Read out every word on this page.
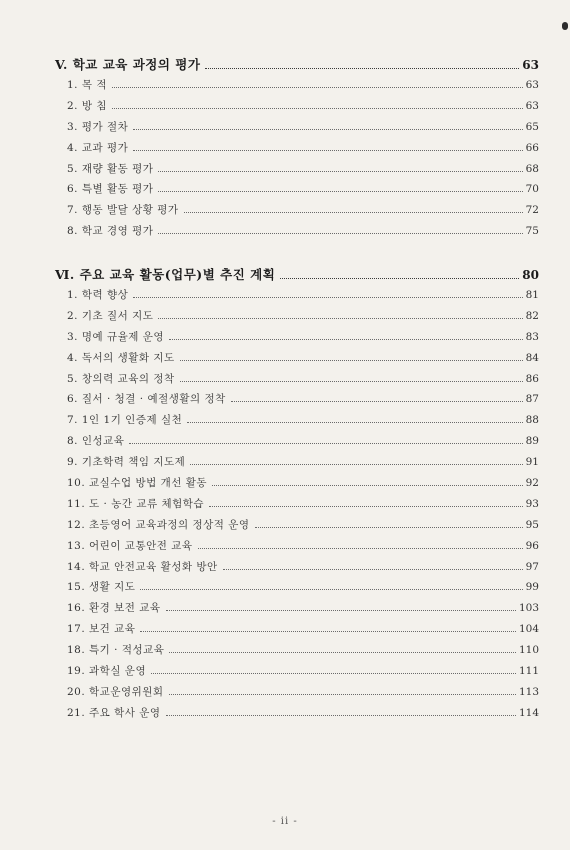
V. 학교 교육 과정의 평가	63
1. 목 적	63
2. 방 침	63
3. 평가 절차	65
4. 교과 평가	66
5. 재량 활동 평가	68
6. 특별 활동 평가	70
7. 행동 발달 상황 평가	72
8. 학교 경영 평가	75
Ⅵ. 주요 교육 활동(업무)별 추진 계획	80
1. 학력 향상	81
2. 기초 질서 지도	82
3. 명예 규율제 운영	83
4. 독서의 생활화 지도	84
5. 창의력 교육의 정착	86
6. 질서 · 청결 · 예절생활의 정착	87
7. 1인 1기 인증제 실천	88
8. 인성교육	89
9. 기초학력 책임 지도제	91
10. 교실수업 방법 개선 활동	92
11. 도 · 농간 교류 체험학습	93
12. 초등영어 교육과정의 정상적 운영	95
13. 어린이 교통안전 교육	96
14. 학교 안전교육 활성화 방안	97
15. 생활 지도	99
16. 환경 보전 교육	103
17. 보건 교육	104
18. 특기 · 적성교육	110
19. 과학실 운영	111
20. 학교운영위원회	113
21. 주요 학사 운영	114
- ii -
